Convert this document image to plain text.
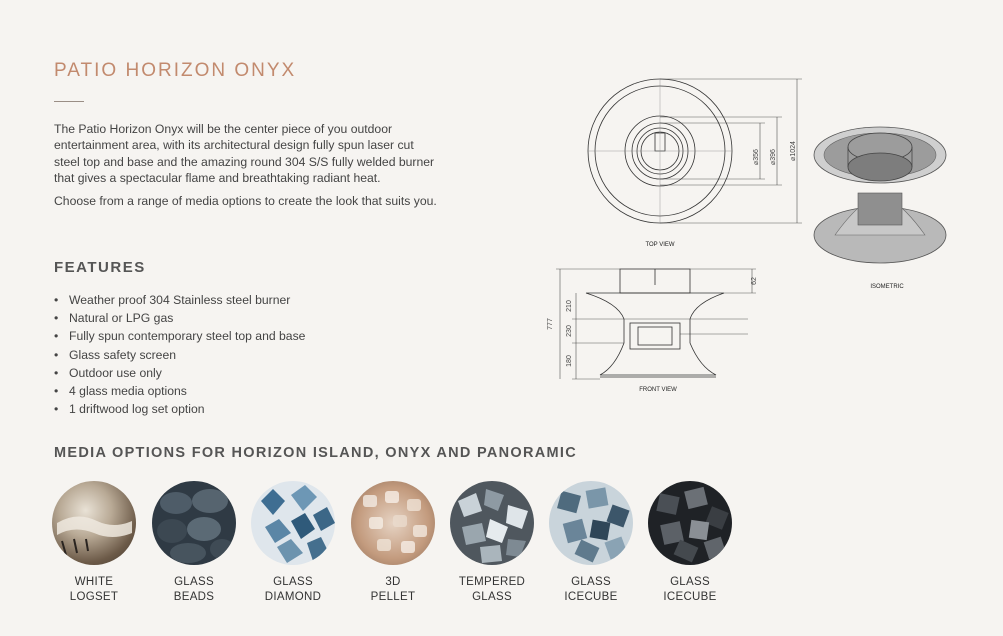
PATIO HORIZON ONYX

The Patio Horizon Onyx will be the center piece of you outdoor entertainment area, with its architectural design fully spun laser cut steel top and base and the amazing round 304 S/S fully welded burner that gives a spectacular flame and breathtaking radiant heat.

Choose from a range of media options to create the look that suits you.

FEATURES
• Weather proof 304 Stainless steel burner
• Natural or LPG gas
• Fully spun contemporary steel top and base
• Glass safety screen
• Outdoor use only
• 4 glass media options
• 1 driftwood log set option
⌀356 ⌀396 ⌀1024
TOP VIEW
ISOMETRIC
62
210
230
180
777
FRONT VIEW
MEDIA OPTIONS FOR HORIZON ISLAND, ONYX AND PANORAMIC
WHITE
LOGSET
GLASS
BEADS
GLASS
DIAMOND
3D
PELLET
TEMPERED
GLASS
GLASS
ICECUBE
GLASS
ICECUBE
